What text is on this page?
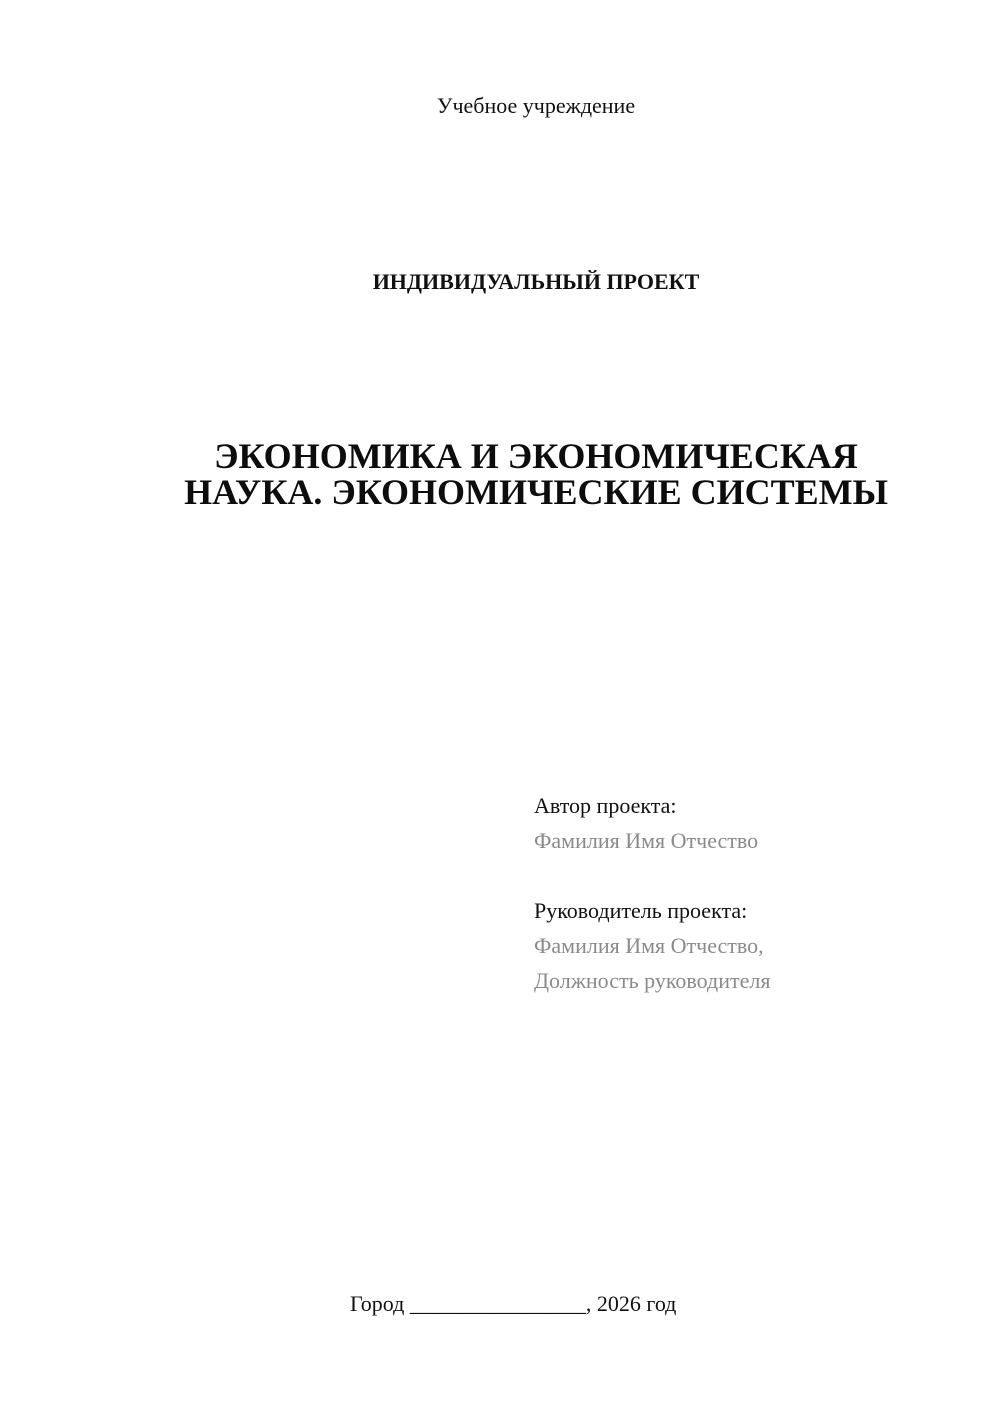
Учебное учреждение
ИНДИВИДУАЛЬНЫЙ ПРОЕКТ
ЭКОНОМИКА И ЭКОНОМИЧЕСКАЯ
НАУКА. ЭКОНОМИЧЕСКИЕ СИСТЕМЫ
Автор проекта:
Фамилия Имя Отчество
Руководитель проекта:
Фамилия Имя Отчество,
Должность руководителя
Город ________________, 2026 год
